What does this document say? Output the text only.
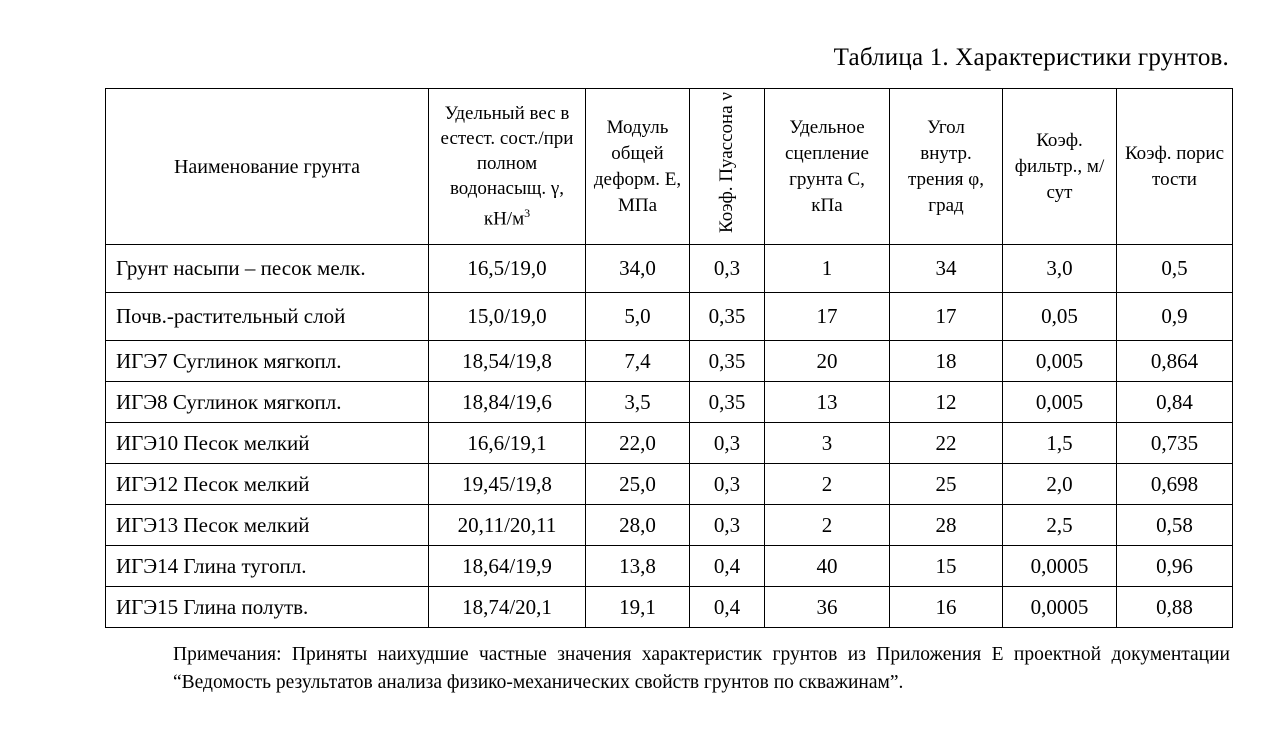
Таблица 1. Характеристики грунтов.
Наименование грунта	Удельный вес в естест. сост./при полном водонасыщ. γ, $кН/м^3$	Модуль общей деформ. E, МПа	Коэф. Пуассона ν	Удельное сцепление грунта C, кПа	Угол внутр. трения φ, град	Коэф. фильтр., м/сут	Коэф. пористости
Грунт насыпи – песок мелк.	16,5/19,0	34,0	0,3	1	34	3,0	0,5
Почв.-растительный слой	15,0/19,0	5,0	0,35	17	17	0,05	0,9
ИГЭ7 Суглинок мягкопл.	18,54/19,8	7,4	0,35	20	18	0,005	0,864
ИГЭ8 Суглинок мягкопл.	18,84/19,6	3,5	0,35	13	12	0,005	0,84
ИГЭ10 Песок мелкий	16,6/19,1	22,0	0,3	3	22	1,5	0,735
ИГЭ12 Песок мелкий	19,45/19,8	25,0	0,3	2	25	2,0	0,698
ИГЭ13 Песок мелкий	20,11/20,11	28,0	0,3	2	28	2,5	0,58
ИГЭ14 Глина тугопл.	18,64/19,9	13,8	0,4	40	15	0,0005	0,96
ИГЭ15 Глина полутв.	18,74/20,1	19,1	0,4	36	16	0,0005	0,88
Примечания: Приняты наихудшие частные значения характеристик грунтов из Приложения Е проектной документации “Ведомость результатов анализа физико-механических свойств грунтов по скважинам”.
